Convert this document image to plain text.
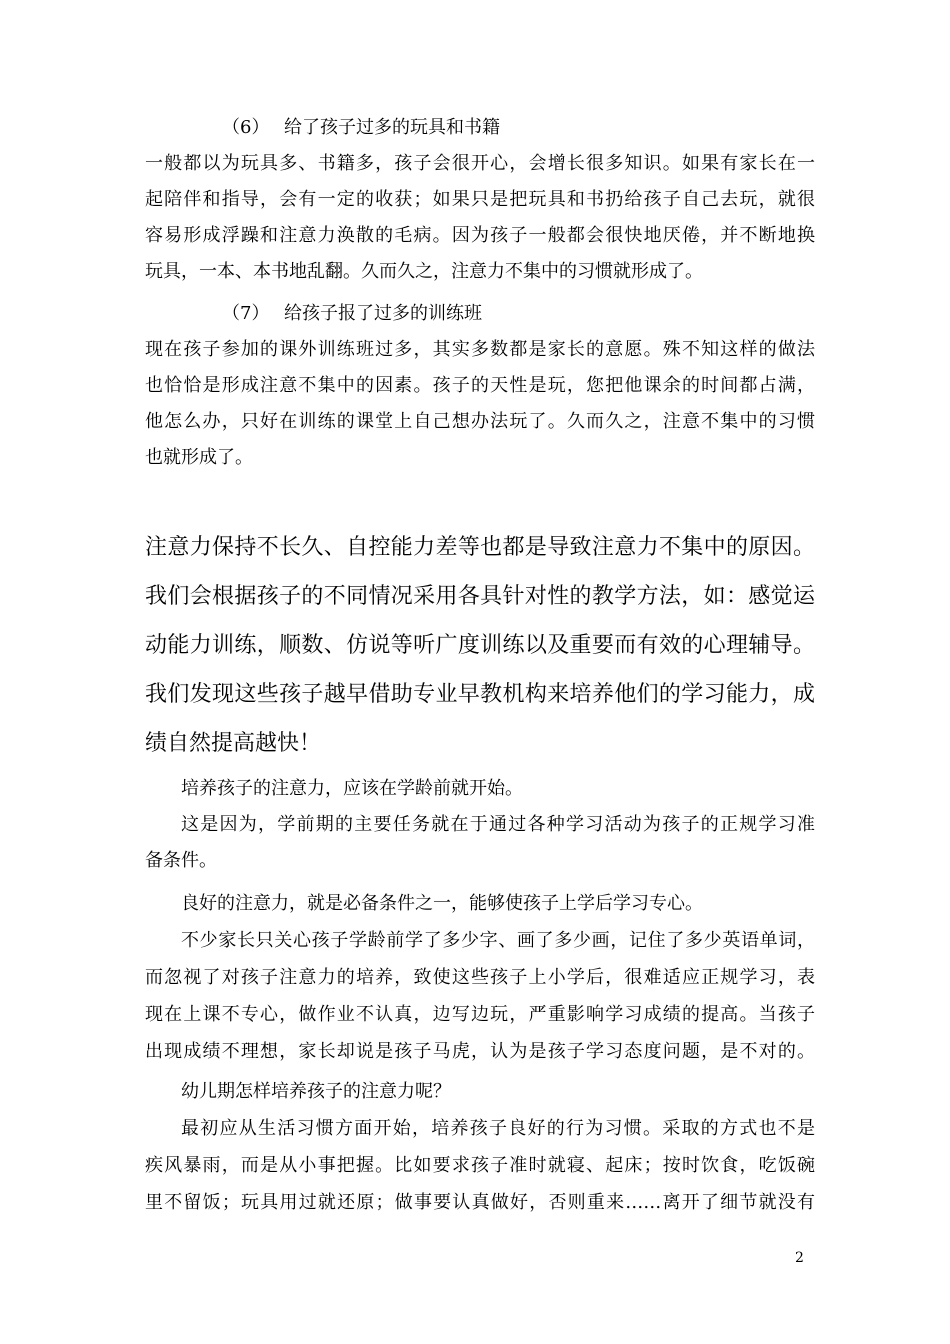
（6） 给了孩子过多的玩具和书籍
一般都以为玩具多、书籍多，孩子会很开心，会增长很多知识。如果有家长在一
起陪伴和指导，会有一定的收获；如果只是把玩具和书扔给孩子自己去玩，就很
容易形成浮躁和注意力涣散的毛病。因为孩子一般都会很快地厌倦，并不断地换
玩具，一本、本书地乱翻。久而久之，注意力不集中的习惯就形成了。
（7） 给孩子报了过多的训练班
现在孩子参加的课外训练班过多，其实多数都是家长的意愿。殊不知这样的做法
也恰恰是形成注意不集中的因素。孩子的天性是玩，您把他课余的时间都占满，
他怎么办，只好在训练的课堂上自己想办法玩了。久而久之，注意不集中的习惯
也就形成了。
注意力保持不长久、自控能力差等也都是导致注意力不集中的原因。
我们会根据孩子的不同情况采用各具针对性的教学方法，如：感觉运
动能力训练，顺数、仿说等听广度训练以及重要而有效的心理辅导。
我们发现这些孩子越早借助专业早教机构来培养他们的学习能力，成
绩自然提高越快！
培养孩子的注意力，应该在学龄前就开始。
这是因为，学前期的主要任务就在于通过各种学习活动为孩子的正规学习准
备条件。
良好的注意力，就是必备条件之一，能够使孩子上学后学习专心。
不少家长只关心孩子学龄前学了多少字、画了多少画，记住了多少英语单词，
而忽视了对孩子注意力的培养，致使这些孩子上小学后，很难适应正规学习，表
现在上课不专心，做作业不认真，边写边玩，严重影响学习成绩的提高。当孩子
出现成绩不理想，家长却说是孩子马虎，认为是孩子学习态度问题，是不对的。
幼儿期怎样培养孩子的注意力呢？
最初应从生活习惯方面开始，培养孩子良好的行为习惯。采取的方式也不是
疾风暴雨，而是从小事把握。比如要求孩子准时就寝、起床；按时饮食，吃饭碗
里不留饭；玩具用过就还原；做事要认真做好，否则重来……离开了细节就没有
2
